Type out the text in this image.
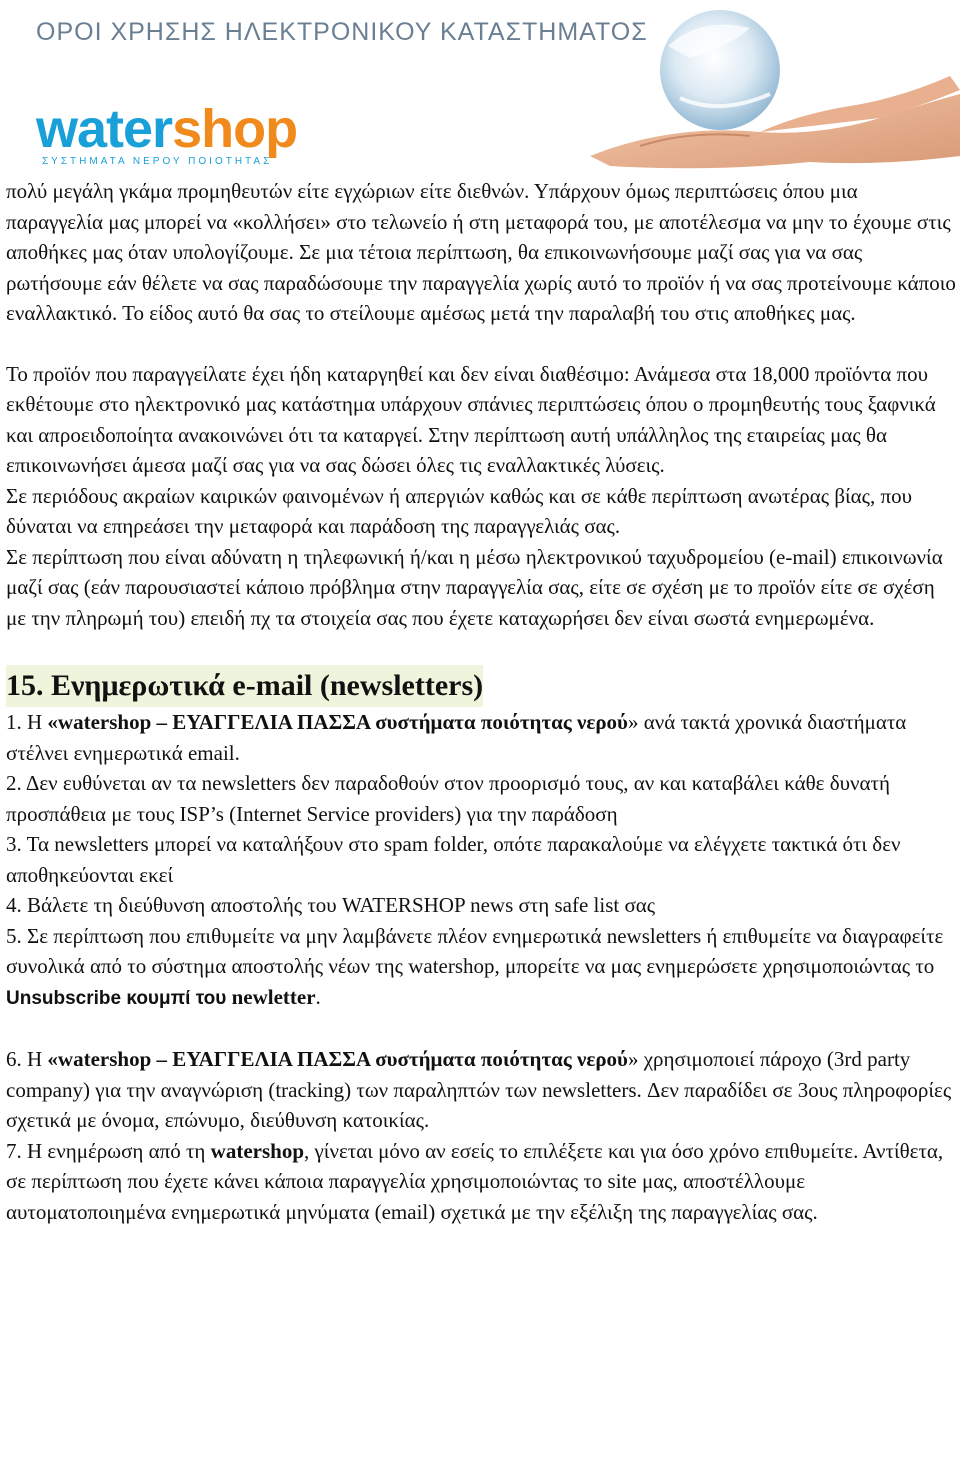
ΟΡΟΙ ΧΡΗΣΗΣ ΗΛΕΚΤΡΟΝΙΚΟΥ ΚΑΤΑΣΤΗΜΑΤΟΣ
watershop
ΣΥΣΤΗΜΑΤΑ ΝΕΡΟΥ ΠΟΙΟΤΗΤΑΣ

πολύ μεγάλη γκάμα προμηθευτών είτε εγχώριων είτε διεθνών. Υπάρχουν όμως περιπτώσεις όπου μια παραγγελία μας μπορεί να «κολλήσει» στο τελωνείο ή στη μεταφορά του, με αποτέλεσμα να μην το έχουμε στις αποθήκες μας όταν υπολογίζουμε. Σε μια τέτοια περίπτωση, θα επικοινωνήσουμε μαζί σας για να σας ρωτήσουμε εάν θέλετε να σας παραδώσουμε την παραγγελία χωρίς αυτό το προϊόν ή να σας προτείνουμε κάποιο εναλλακτικό. Το είδος αυτό θα σας το στείλουμε αμέσως μετά την παραλαβή του στις αποθήκες μας.

Το προϊόν που παραγγείλατε έχει ήδη καταργηθεί και δεν είναι διαθέσιμο: Ανάμεσα στα 18,000 προϊόντα που εκθέτουμε στο ηλεκτρονικό μας κατάστημα υπάρχουν σπάνιες περιπτώσεις όπου ο προμηθευτής τους ξαφνικά και απροειδοποίητα ανακοινώνει ότι τα καταργεί. Στην περίπτωση αυτή υπάλληλος της εταιρείας μας θα επικοινωνήσει άμεσα μαζί σας για να σας δώσει όλες τις εναλλακτικές λύσεις.

Σε περιόδους ακραίων καιρικών φαινομένων ή απεργιών καθώς και σε κάθε περίπτωση ανωτέρας βίας, που δύναται να επηρεάσει την μεταφορά και παράδοση της παραγγελιάς σας.

Σε περίπτωση που είναι αδύνατη η τηλεφωνική ή/και η μέσω ηλεκτρονικού ταχυδρομείου (e-mail) επικοινωνία μαζί σας (εάν παρουσιαστεί κάποιο πρόβλημα στην παραγγελία σας, είτε σε σχέση με το προϊόν είτε σε σχέση με την πληρωμή του) επειδή πχ τα στοιχεία σας που έχετε καταχωρήσει δεν είναι σωστά ενημερωμένα.

15. Ενημερωτικά e-mail (newsletters)

1. Η «watershop – ΕΥΑΓΓΕΛΙΑ ΠΑΣΣΑ συστήματα ποιότητας νερού» ανά τακτά χρονικά διαστήματα στέλνει ενημερωτικά email.

2. Δεν ευθύνεται αν τα newsletters δεν παραδοθούν στον προορισμό τους, αν και καταβάλει κάθε δυνατή προσπάθεια με τους ISP’s (Internet Service providers) για την παράδοση

3. Τα newsletters μπορεί να καταλήξουν στο spam folder, οπότε παρακαλούμε να ελέγχετε τακτικά ότι δεν αποθηκεύονται εκεί

4. Βάλετε τη διεύθυνση αποστολής του WATERSHOP news στη safe list σας

5. Σε περίπτωση που επιθυμείτε να μην λαμβάνετε πλέον ενημερωτικά newsletters ή επιθυμείτε να διαγραφείτε συνολικά από το σύστημα αποστολής νέων της watershop, μπορείτε να μας ενημερώσετε χρησιμοποιώντας το Unsubscribe κουμπί του newletter.

6. Η «watershop – ΕΥΑΓΓΕΛΙΑ ΠΑΣΣΑ συστήματα ποιότητας νερού» χρησιμοποιεί πάροχο (3rd party company) για την αναγνώριση (tracking) των παραληπτών των newsletters. Δεν παραδίδει σε 3ους πληροφορίες σχετικά με όνομα, επώνυμο, διεύθυνση κατοικίας.

7. Η ενημέρωση από τη watershop, γίνεται μόνο αν εσείς το επιλέξετε και για όσο χρόνο επιθυμείτε. Αντίθετα, σε περίπτωση που έχετε κάνει κάποια παραγγελία χρησιμοποιώντας το site μας, αποστέλλουμε αυτοματοποιημένα ενημερωτικά μηνύματα (email) σχετικά με την εξέλιξη της παραγγελίας σας.
